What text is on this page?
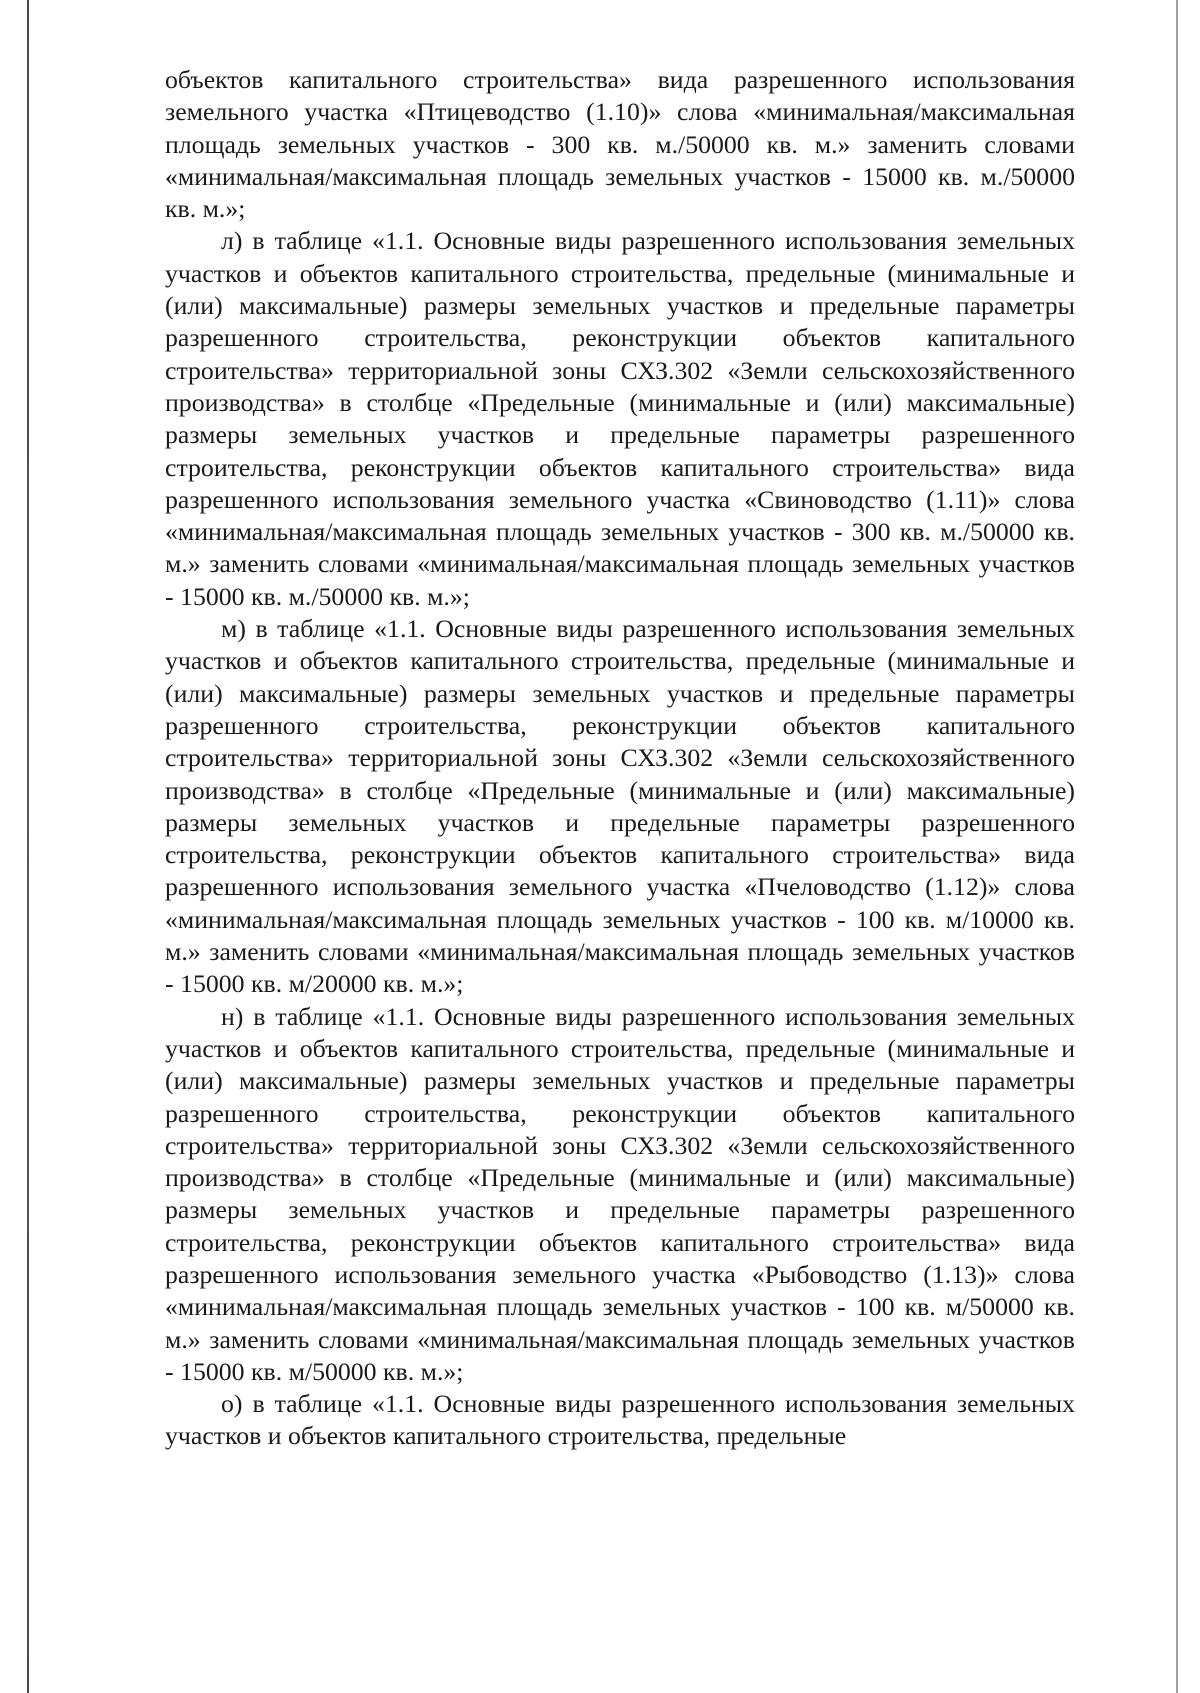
объектов капитального строительства» вида разрешенного использования земельного участка «Птицеводство (1.10)» слова «минимальная/максимальная площадь земельных участков - 300 кв. м./50000 кв. м.» заменить словами «минимальная/максимальная площадь земельных участков - 15000 кв. м./50000 кв. м.»;

л) в таблице «1.1. Основные виды разрешенного использования земельных участков и объектов капитального строительства, предельные (минимальные и (или) максимальные) размеры земельных участков и предельные параметры разрешенного строительства, реконструкции объектов капитального строительства» территориальной зоны СХЗ.302 «Земли сельскохозяйственного производства» в столбце «Предельные (минимальные и (или) максимальные) размеры земельных участков и предельные параметры разрешенного строительства, реконструкции объектов капитального строительства» вида разрешенного использования земельного участка «Свиноводство (1.11)» слова «минимальная/максимальная площадь земельных участков - 300 кв. м./50000 кв. м.» заменить словами «минимальная/максимальная площадь земельных участков - 15000 кв. м./50000 кв. м.»;

м) в таблице «1.1. Основные виды разрешенного использования земельных участков и объектов капитального строительства, предельные (минимальные и (или) максимальные) размеры земельных участков и предельные параметры разрешенного строительства, реконструкции объектов капитального строительства» территориальной зоны СХЗ.302 «Земли сельскохозяйственного производства» в столбце «Предельные (минимальные и (или) максимальные) размеры земельных участков и предельные параметры разрешенного строительства, реконструкции объектов капитального строительства» вида разрешенного использования земельного участка «Пчеловодство (1.12)» слова «минимальная/максимальная площадь земельных участков - 100 кв. м/10000 кв. м.» заменить словами «минимальная/максимальная площадь земельных участков - 15000 кв. м/20000 кв. м.»;

н) в таблице «1.1. Основные виды разрешенного использования земельных участков и объектов капитального строительства, предельные (минимальные и (или) максимальные) размеры земельных участков и предельные параметры разрешенного строительства, реконструкции объектов капитального строительства» территориальной зоны СХЗ.302 «Земли сельскохозяйственного производства» в столбце «Предельные (минимальные и (или) максимальные) размеры земельных участков и предельные параметры разрешенного строительства, реконструкции объектов капитального строительства» вида разрешенного использования земельного участка «Рыбоводство (1.13)» слова «минимальная/максимальная площадь земельных участков - 100 кв. м/50000 кв. м.» заменить словами «минимальная/максимальная площадь земельных участков - 15000 кв. м/50000 кв. м.»;

о) в таблице «1.1. Основные виды разрешенного использования земельных участков и объектов капитального строительства, предельные
